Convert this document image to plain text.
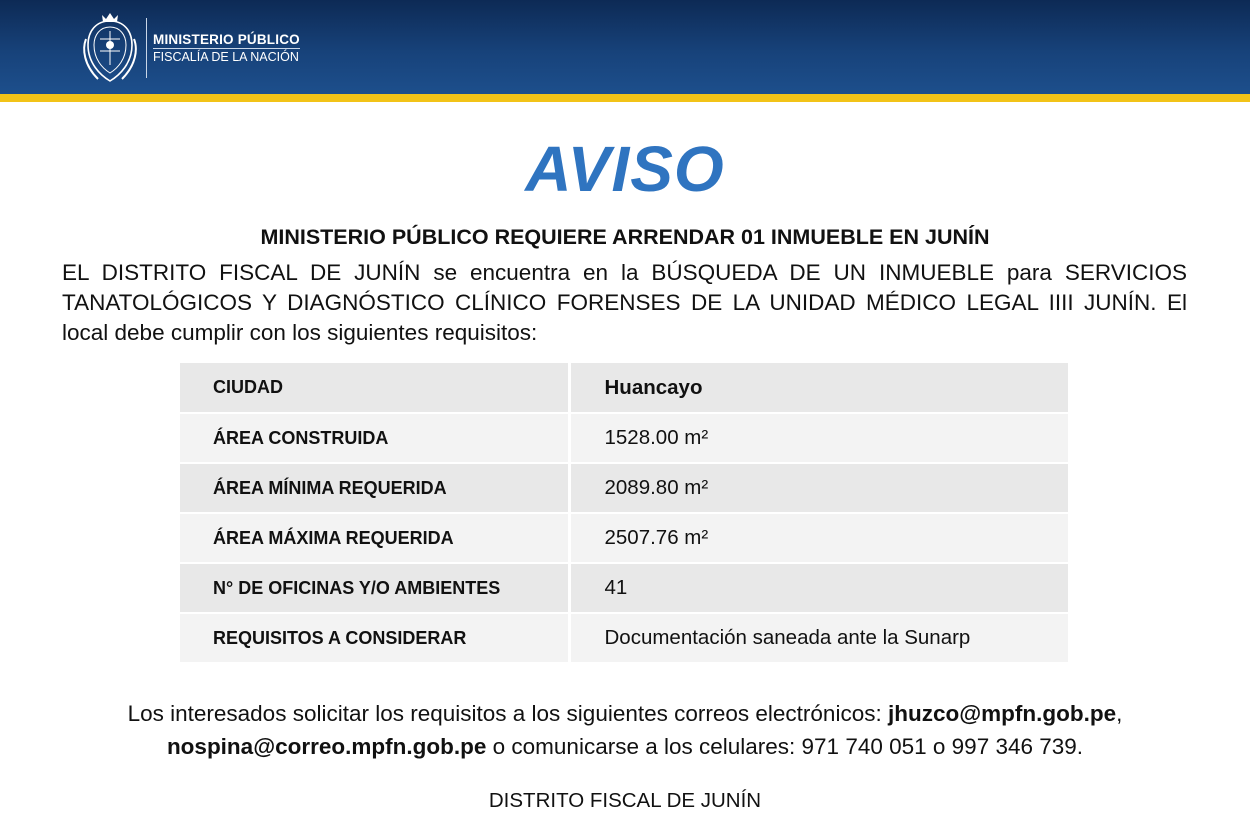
MINISTERIO PÚBLICO
FISCALÍA DE LA NACIÓN
AVISO
MINISTERIO PÚBLICO REQUIERE ARRENDAR 01 INMUEBLE EN JUNÍN
EL DISTRITO FISCAL DE JUNÍN se encuentra en la BÚSQUEDA DE UN INMUEBLE para SERVICIOS TANATOLÓGICOS Y DIAGNÓSTICO CLÍNICO FORENSES DE LA UNIDAD MÉDICO LEGAL IIII JUNÍN. El local debe cumplir con los siguientes requisitos:
CIUDAD	Huancayo
ÁREA CONSTRUIDA	1528.00 m²
ÁREA MÍNIMA REQUERIDA	2089.80 m²
ÁREA MÁXIMA REQUERIDA	2507.76 m²
N° DE OFICINAS Y/O AMBIENTES	41
REQUISITOS A CONSIDERAR	Documentación saneada ante la Sunarp
Los interesados solicitar los requisitos a los siguientes correos electrónicos: jhuzco@mpfn.gob.pe,
nospina@correo.mpfn.gob.pe o comunicarse a los celulares: 971 740 051 o 997 346 739.
DISTRITO FISCAL DE JUNÍN
